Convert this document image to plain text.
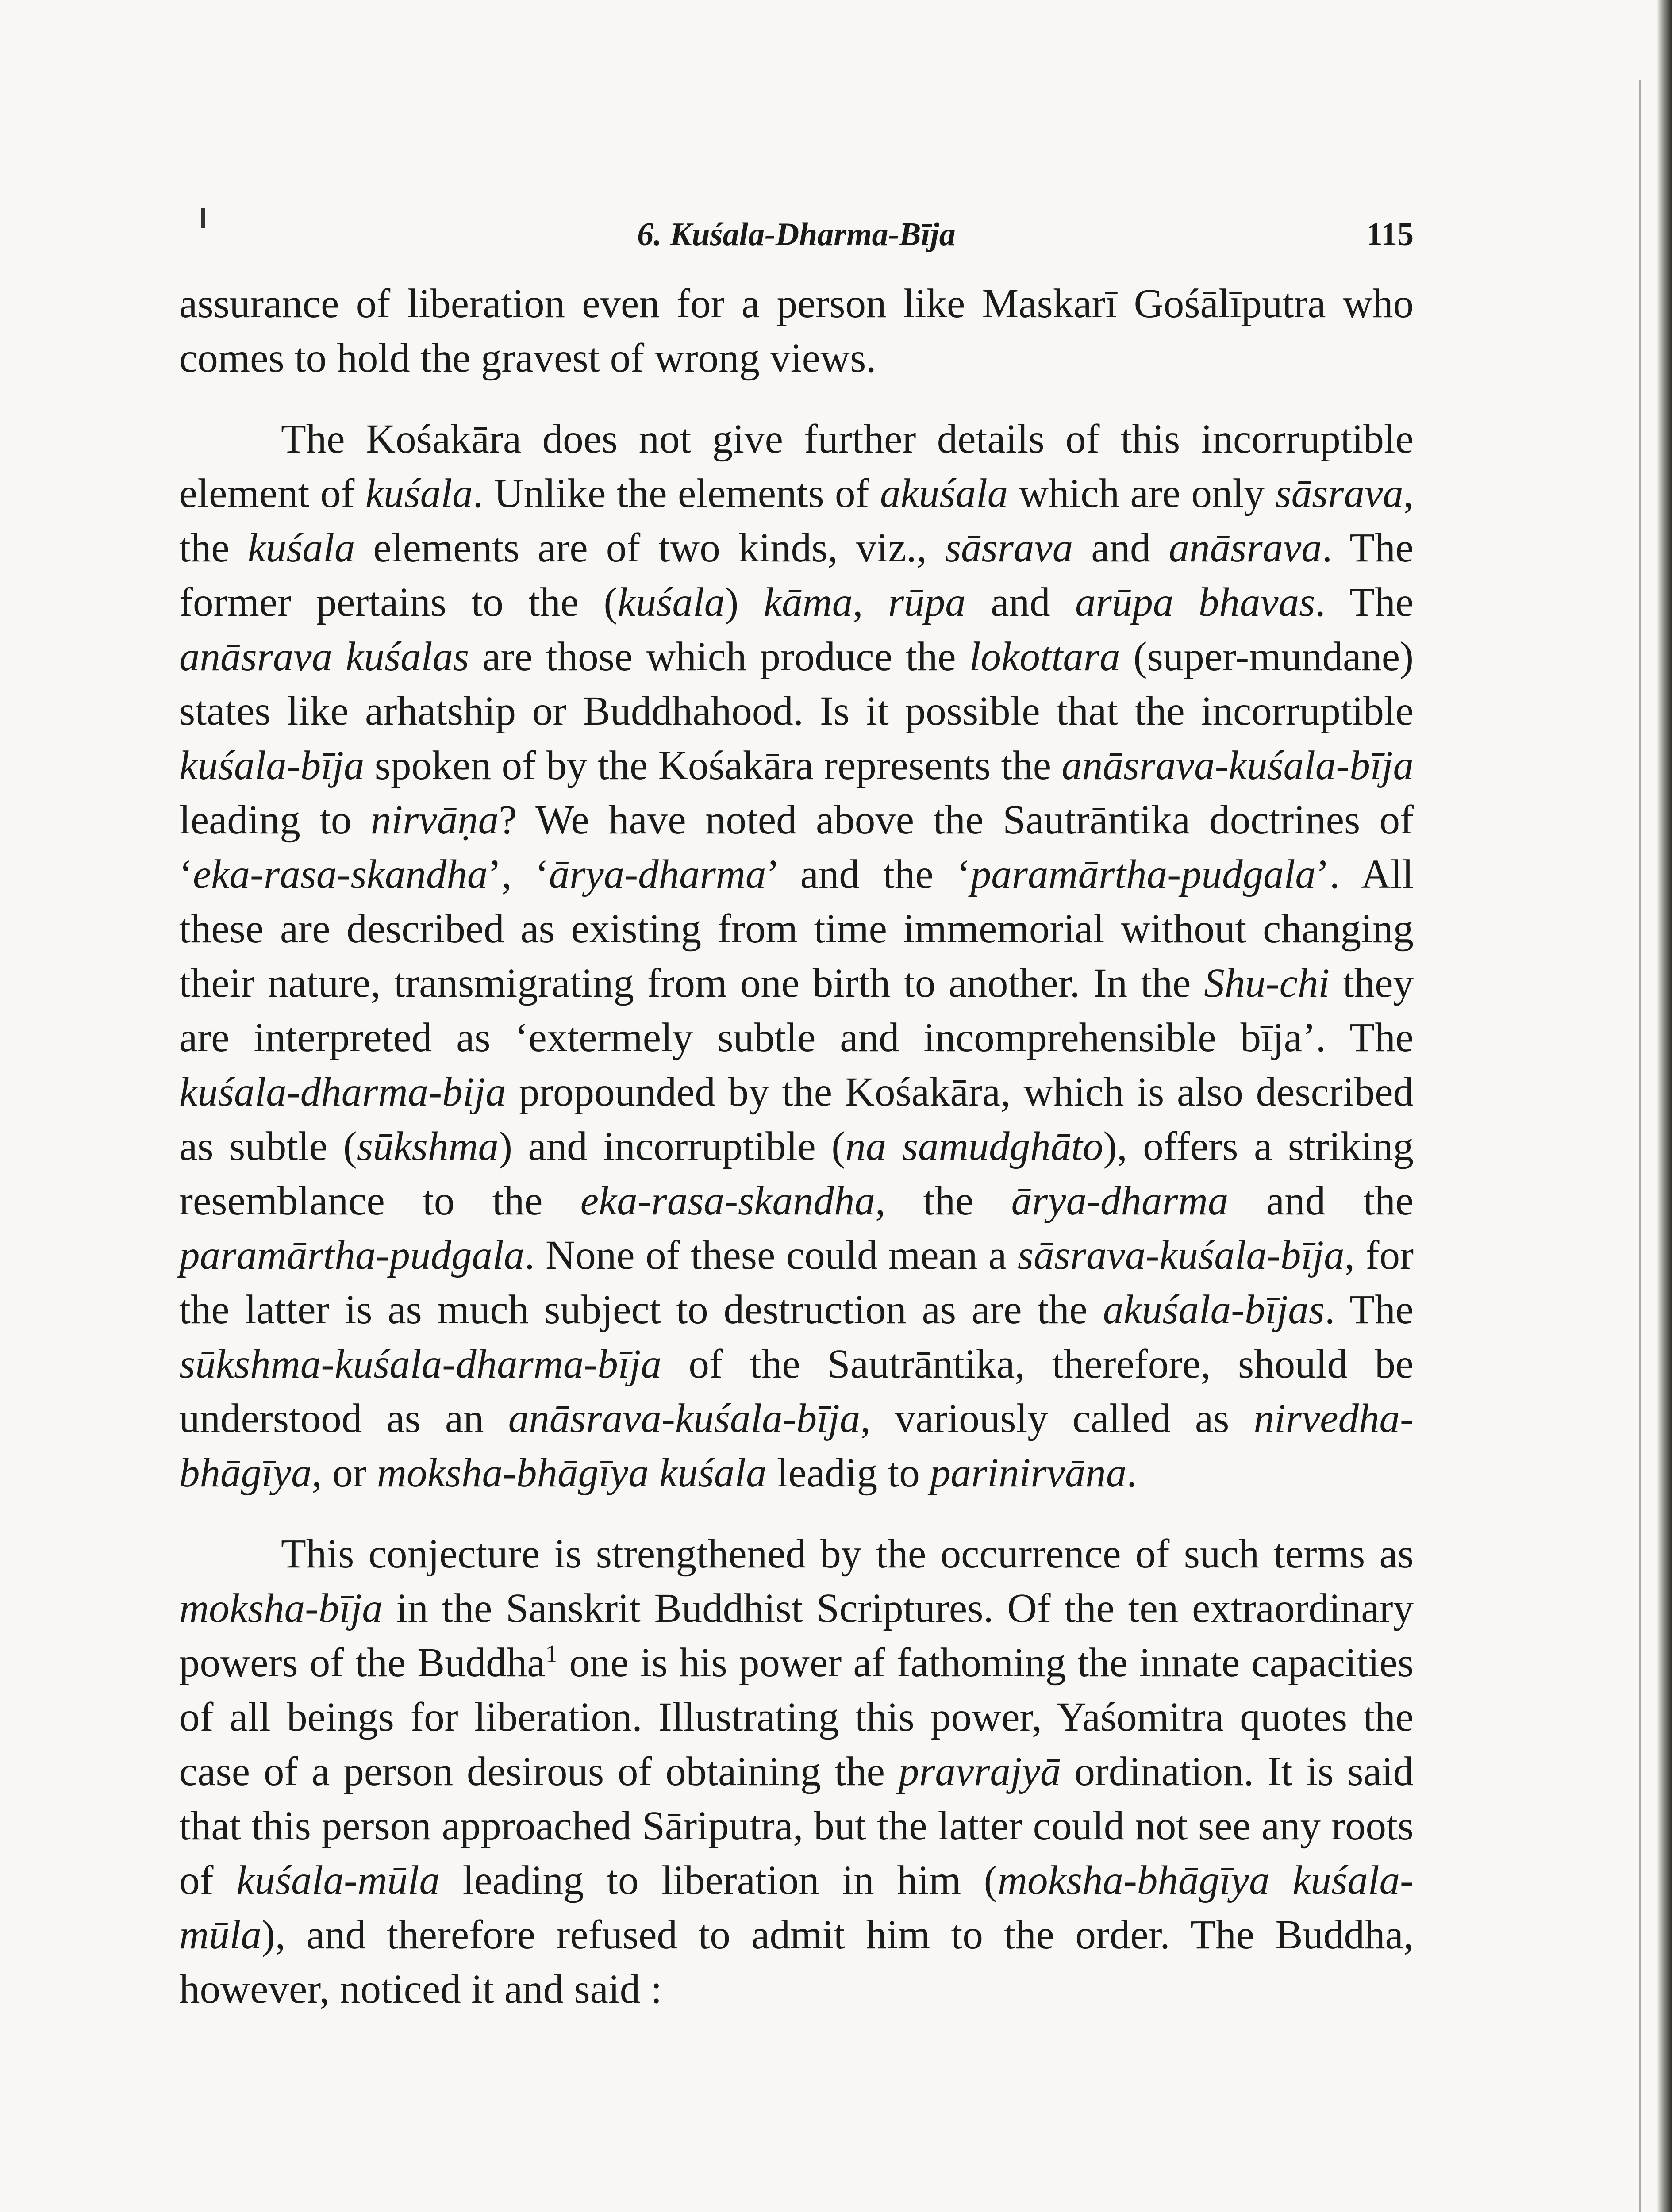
6. Kuśala-Dharma-Bīja	115

assurance of liberation even for a person like Maskarī Gośālīputra who comes to hold the gravest of wrong views.

The Kośakāra does not give further details of this incorruptible element of kuśala. Unlike the elements of akuśala which are only sāsrava, the kuśala elements are of two kinds, viz., sāsrava and anāsrava. The former pertains to the (kuśala) kāma, rūpa and arūpa bhavas. The anāsrava kuśalas are those which produce the lokottara (super-mundane) states like arhatship or Buddhahood. Is it possible that the incorruptible kuśala-bīja spoken of by the Kośakāra represents the anāsrava-kuśala-bīja leading to nirvāṇa? We have noted above the Sautrāntika doctrines of ‘eka-rasa-skandha’, ‘ārya-dharma’ and the ‘paramārtha-pudgala’. All these are described as existing from time immemorial without changing their nature, transmigrating from one birth to another. In the Shu-chi they are interpreted as ‘extermely subtle and incomprehensible bīja’. The kuśala-dharma-bija propounded by the Kośakāra, which is also described as subtle (sūkshma) and incorruptible (na samudghāto), offers a striking resemblance to the eka-rasa-skandha, the ārya-dharma and the paramārtha-pudgala. None of these could mean a sāsrava-kuśala-bīja, for the latter is as much subject to destruction as are the akuśala-bījas. The sūkshma-kuśala-dharma-bīja of the Sautrāntika, therefore, should be understood as an anāsrava-kuśala-bīja, variously called as nirvedha-bhāgīya, or moksha-bhāgīya kuśala leadig to parinirvāna.

This conjecture is strengthened by the occurrence of such terms as moksha-bīja in the Sanskrit Buddhist Scriptures. Of the ten extraordinary powers of the Buddha$^1$ one is his power af fathoming the innate capacities of all beings for liberation. Illustrating this power, Yaśomitra quotes the case of a person desirous of obtaining the pravrajyā ordination. It is said that this person approached Sāriputra, but the latter could not see any roots of kuśala-mūla leading to liberation in him (moksha-bhāgīya kuśala-mūla), and therefore refused to admit him to the order. The Buddha, however, noticed it and said :
